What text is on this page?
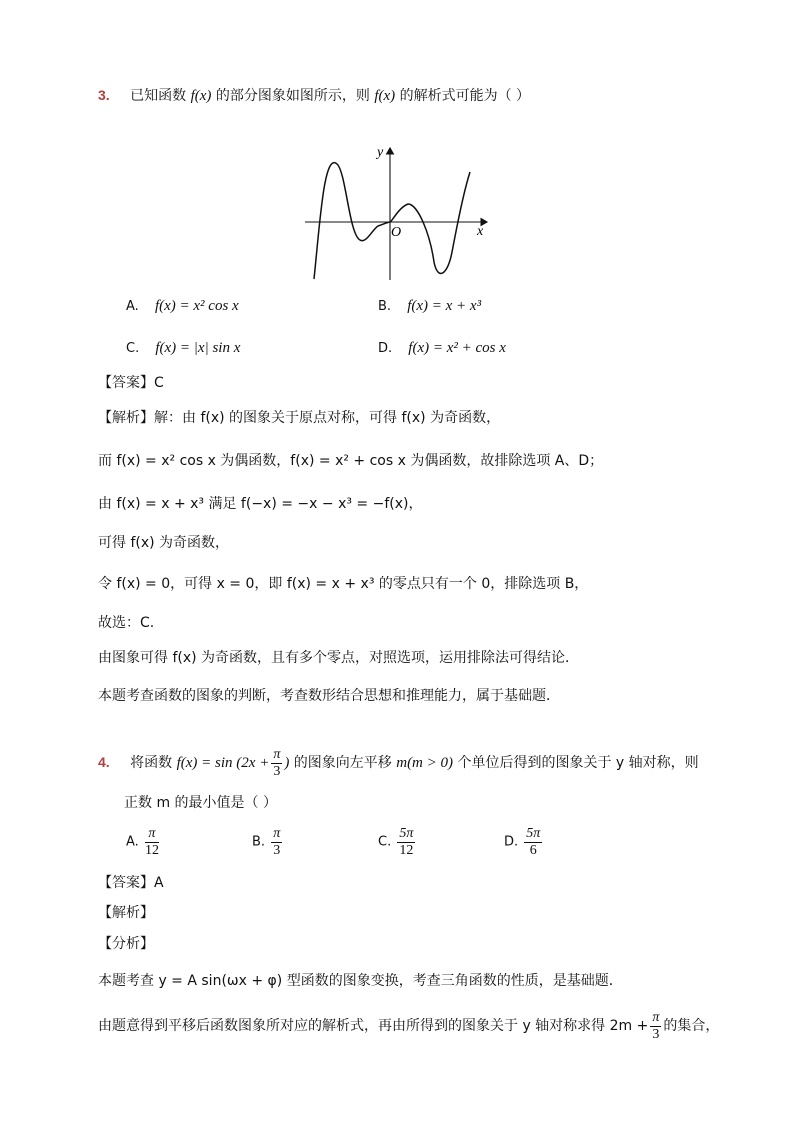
3. 已知函数 f(x) 的部分图象如图所示，则 f(x) 的解析式可能为（ ）
y
x
O
A. f(x) = x² cos x	B. f(x) = x + x³
C. f(x) = |x| sin x	D. f(x) = x² + cos x
【答案】C
【解析】解：由 f(x) 的图象关于原点对称，可得 f(x) 为奇函数，
而 f(x) = x² cos x 为偶函数，f(x) = x² + cos x 为偶函数，故排除选项 A、D；
由 f(x) = x + x³ 满足 f(−x) = −x − x³ = −f(x)，
可得 f(x) 为奇函数，
令 f(x) = 0，可得 x = 0，即 f(x) = x + x³ 的零点只有一个 0，排除选项 B，
故选：C.
由图象可得 f(x) 为奇函数，且有多个零点，对照选项，运用排除法可得结论．
本题考查函数的图象的判断，考查数形结合思想和推理能力，属于基础题．
4. 将函数 $f(x) = \sin (2x + \frac{\pi}{3}$ ) 的图象向左平移 m(m > 0) 个单位后得到的图象关于 y 轴对称，则
正数 m 的最小值是（ ）
A. $\frac{\pi}{12}$	B. $\frac{\pi}{3}$	C. $\frac{5\pi}{12}$	D. $\frac{5\pi}{6}$
【答案】A
【解析】
【分析】
本题考查 y = A sin(ωx + φ) 型函数的图象变换，考查三角函数的性质，是基础题．
由题意得到平移后函数图象所对应的解析式，再由所得到的图象关于 y 轴对称求得 $2m + \frac{\pi}{3}$ 的集合，
